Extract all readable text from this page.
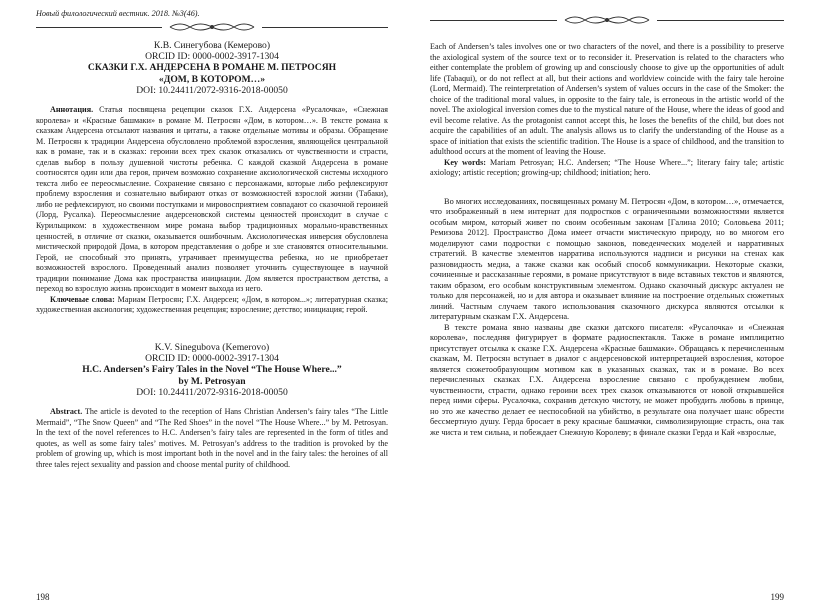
Новый филологический вестник. 2018. №3(46).
К.В. Синегубова (Кемерово)
ORCID ID: 0000-0002-3917-1304
СКАЗКИ Г.Х. АНДЕРСЕНА В РОМАНЕ М. ПЕТРОСЯН
«ДОМ, В КОТОРОМ…»
DOI: 10.24411/2072-9316-2018-00050

Аннотация. Статья посвящена рецепции сказок Г.Х. Андерсена «Русалочка», «Снежная королева» и «Красные башмаки» в романе М. Петросян «Дом, в котором…». В тексте романа к сказкам Андерсена отсылают названия и цитаты, а также отдельные мотивы и образы. Обращение М. Петросян к традиции Андерсена обусловлено проблемой взросления, являющейся центральной как в романе, так и в сказках: героини всех трех сказок отказались от чувственности и страсти, сделав выбор в пользу душевной чистоты ребенка. С каждой сказкой Андерсена в романе соотносятся один или два героя, причем возможно сохранение аксиологической системы исходного текста либо ее переосмысление. Сохранение связано с персонажами, которые либо рефлексируют проблему взросления и сознательно выбирают отказ от возможностей взрослой жизни (Табаки), либо не рефлексируют, но своими поступками и мировосприятием совпадают со сказочной героиней (Лорд, Русалка). Переосмысление андерсеновской системы ценностей происходит в случае с Курильщиком: в художественном мире романа выбор традиционных морально-нравственных ценностей, в отличие от сказки, оказывается ошибочным. Аксиологическая инверсия обусловлена мистической природой Дома, в котором представления о добре и зле становятся относительными. Герой, не способный это принять, утрачивает преимущества ребенка, но не приобретает возможностей взрослого. Проведенный анализ позволяет уточнить существующее в научной традиции понимание Дома как пространства инициации. Дом является пространством детства, а переход во взрослую жизнь происходит в момент выхода из него.

Ключевые слова: Мариам Петросян; Г.Х. Андерсен; «Дом, в котором...»; литературная сказка; художественная аксиология; художественная рецепция; взросление; детство; инициация; герой.

K.V. Sinegubova (Kemerovo)
ORCID ID: 0000-0002-3917-1304
H.C. Andersen’s Fairy Tales in the Novel “The House Where...”
by M. Petrosyan
DOI: 10.24411/2072-9316-2018-00050

Abstract. The article is devoted to the reception of Hans Christian Andersen’s fairy tales “The Little Mermaid”, “The Snow Queen” and “The Red Shoes” in the novel “The House Where...” by M. Petrosyan. In the text of the novel references to H.C. Andersen’s fairy tales are represented in the form of titles and quotes, as well as some fairy tales’ motives. M. Petrosyan’s address to the tradition is provoked by the problem of growing up, which is most important both in the novel and in the fairy tales: the heroines of all three tales reject sexuality and passion and choose mental purity of childhood.

198

Each of Andersen’s tales involves one or two characters of the novel, and there is a possibility to preserve the axiological system of the source text or to reconsider it. Preservation is related to the characters who either contemplate the problem of growing up and consciously choose to give up the opportunities of adult life (Tabaqui), or do not reflect at all, but their actions and worldview coincide with the fairy tale heroine (Lord, Mermaid). The reinterpretation of Andersen’s system of values occurs in the case of the Smoker: the choice of the traditional moral values, in opposite to the fairy tale, is erroneous in the artistic world of the novel. The axiological inversion comes due to the mystical nature of the House, where the ideas of good and evil become relative. As the protagonist cannot accept this, he loses the benefits of the child, but does not acquire the capabilities of an adult. The analysis allows us to clarify the understanding of the House as a space of initiation that exists the scientific tradition. The House is a space of childhood, and the transition to adulthood occurs at the moment of leaving the House.

Key words: Mariam Petrosyan; H.C. Andersen; “The House Where...”; literary fairy tale; artistic axiology; artistic reception; growing-up; childhood; initiation; hero.

Во многих исследованиях, посвященных роману М. Петросян «Дом, в котором…», отмечается, что изображенный в нем интернат для подростков с ограниченными возможностями является особым миром, который живет по своим особенным законам [Галина 2010; Соловьева 2011; Ремизова 2012]. Пространство Дома имеет отчасти мистическую природу, но во многом его моделируют сами подростки с помощью законов, поведенческих моделей и нарративных стратегий. В качестве элементов нарратива используются надписи и рисунки на стенах как разновидность медиа, а также сказки как особый способ коммуникации. Некоторые сказки, сочиненные и рассказанные героями, в романе присутствуют в виде вставных текстов и являются, таким образом, его особым конструктивным элементом. Однако сказочный дискурс актуален не только для персонажей, но и для автора и оказывает влияние на построение отдельных сюжетных линий. Частным случаем такого использования сказочного дискурса являются отсылки к литературным сказкам Г.Х. Андерсена.

В тексте романа явно названы две сказки датского писателя: «Русалочка» и «Снежная королева», последняя фигурирует в формате радиоспектакля. Также в романе имплицитно присутствует отсылка к сказке Г.Х. Андерсена «Красные башмаки». Обращаясь к перечисленным сказкам, М. Петросян вступает в диалог с андерсеновской интерпретацией взросления, которое является сюжетообразующим мотивом как в указанных сказках, так и в романе. Во всех перечисленных сказках Г.Х. Андерсена взросление связано с пробуждением любви, чувственности, страсти, однако героини всех трех сказок отказываются от новой открывшейся перед ними сферы. Русалочка, сохранив детскую чистоту, не может пробудить любовь в принце, но это же качество делает ее неспособной на убийство, в результате она получает шанс обрести бессмертную душу. Герда бросает в реку красные башмачки, символизирующие страсть, она так же чиста и тем сильна, и побеждает Снежную Королеву; в финале сказки Герда и Кай «взрослые,

199
